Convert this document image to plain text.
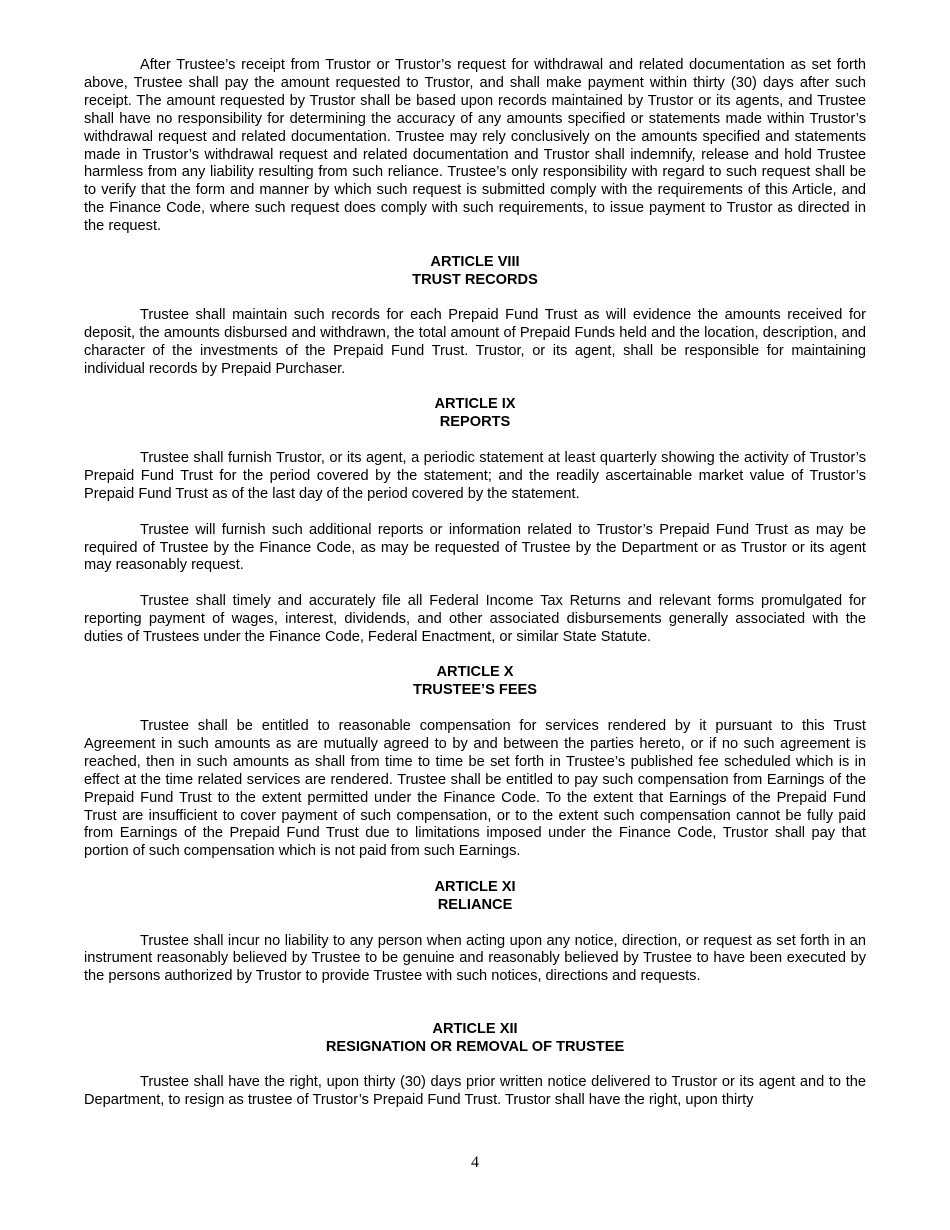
After Trustee’s receipt from Trustor or Trustor’s request for withdrawal and related documentation as set forth above, Trustee shall pay the amount requested to Trustor, and shall make payment within thirty (30) days after such receipt. The amount requested by Trustor shall be based upon records maintained by Trustor or its agents, and Trustee shall have no responsibility for determining the accuracy of any amounts specified or statements made within Trustor’s withdrawal request and related documentation. Trustee may rely conclusively on the amounts specified and statements made in Trustor’s withdrawal request and related documentation and Trustor shall indemnify, release and hold Trustee harmless from any liability resulting from such reliance. Trustee’s only responsibility with regard to such request shall be to verify that the form and manner by which such request is submitted comply with the requirements of this Article, and the Finance Code, where such request does comply with such requirements, to issue payment to Trustor as directed in the request.

ARTICLE VIII
TRUST RECORDS

Trustee shall maintain such records for each Prepaid Fund Trust as will evidence the amounts received for deposit, the amounts disbursed and withdrawn, the total amount of Prepaid Funds held and the location, description, and character of the investments of the Prepaid Fund Trust. Trustor, or its agent, shall be responsible for maintaining individual records by Prepaid Purchaser.

ARTICLE IX
REPORTS

Trustee shall furnish Trustor, or its agent, a periodic statement at least quarterly showing the activity of Trustor’s Prepaid Fund Trust for the period covered by the statement; and the readily ascertainable market value of Trustor’s Prepaid Fund Trust as of the last day of the period covered by the statement.

Trustee will furnish such additional reports or information related to Trustor’s Prepaid Fund Trust as may be required of Trustee by the Finance Code, as may be requested of Trustee by the Department or as Trustor or its agent may reasonably request.

Trustee shall timely and accurately file all Federal Income Tax Returns and relevant forms promulgated for reporting payment of wages, interest, dividends, and other associated disbursements generally associated with the duties of Trustees under the Finance Code, Federal Enactment, or similar State Statute.

ARTICLE X
TRUSTEE’S FEES

Trustee shall be entitled to reasonable compensation for services rendered by it pursuant to this Trust Agreement in such amounts as are mutually agreed to by and between the parties hereto, or if no such agreement is reached, then in such amounts as shall from time to time be set forth in Trustee’s published fee scheduled which is in effect at the time related services are rendered. Trustee shall be entitled to pay such compensation from Earnings of the Prepaid Fund Trust to the extent permitted under the Finance Code. To the extent that Earnings of the Prepaid Fund Trust are insufficient to cover payment of such compensation, or to the extent such compensation cannot be fully paid from Earnings of the Prepaid Fund Trust due to limitations imposed under the Finance Code, Trustor shall pay that portion of such compensation which is not paid from such Earnings.

ARTICLE XI
RELIANCE

Trustee shall incur no liability to any person when acting upon any notice, direction, or request as set forth in an instrument reasonably believed by Trustee to be genuine and reasonably believed by Trustee to have been executed by the persons authorized by Trustor to provide Trustee with such notices, directions and requests.

ARTICLE XII
RESIGNATION OR REMOVAL OF TRUSTEE

Trustee shall have the right, upon thirty (30) days prior written notice delivered to Trustor or its agent and to the Department, to resign as trustee of Trustor’s Prepaid Fund Trust. Trustor shall have the right, upon thirty

4
